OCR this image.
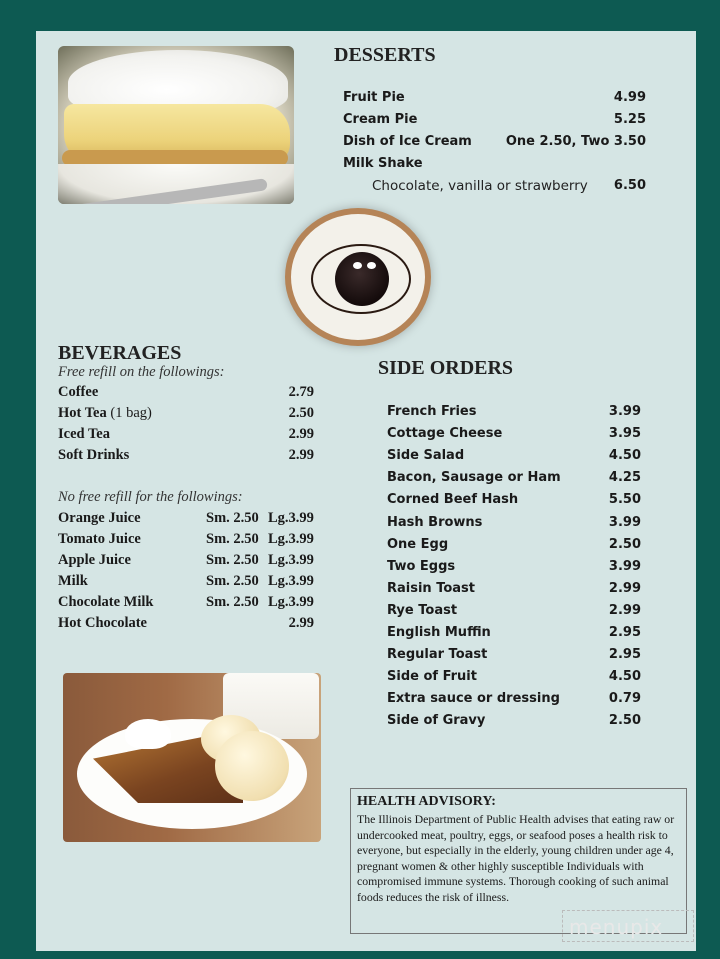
DESSERTS
Fruit Pie	4.99
Cream Pie	5.25
Dish of Ice Cream	One 2.50, Two 3.50
Milk Shake
Chocolate, vanilla or strawberry	6.50
BEVERAGES
Free refill on the followings:
Coffee	2.79
Hot Tea (1 bag)	2.50
Iced Tea	2.99
Soft Drinks	2.99
No free refill for the followings:
Orange Juice	Sm. 2.50 Lg.3.99
Tomato Juice	Sm. 2.50 Lg.3.99
Apple Juice	Sm. 2.50 Lg.3.99
Milk	Sm. 2.50 Lg.3.99
Chocolate Milk	Sm. 2.50 Lg.3.99
Hot Chocolate	2.99
SIDE ORDERS
French Fries	3.99
Cottage Cheese	3.95
Side Salad	4.50
Bacon, Sausage or Ham	4.25
Corned Beef Hash	5.50
Hash Browns	3.99
One Egg	2.50
Two Eggs	3.99
Raisin Toast	2.99
Rye Toast	2.99
English Muffin	2.95
Regular Toast	2.95
Side of Fruit	4.50
Extra sauce or dressing	0.79
Side of Gravy	2.50
HEALTH ADVISORY:

The Illinois Department of Public Health advises that eating raw or undercooked meat, poultry, eggs, or seafood poses a health risk to everyone, but especially in the elderly, young children under age 4, pregnant women & other highly susceptible Individuals with compromised immune systems. Thorough cooking of such animal foods reduces the risk of illness.

menupix
